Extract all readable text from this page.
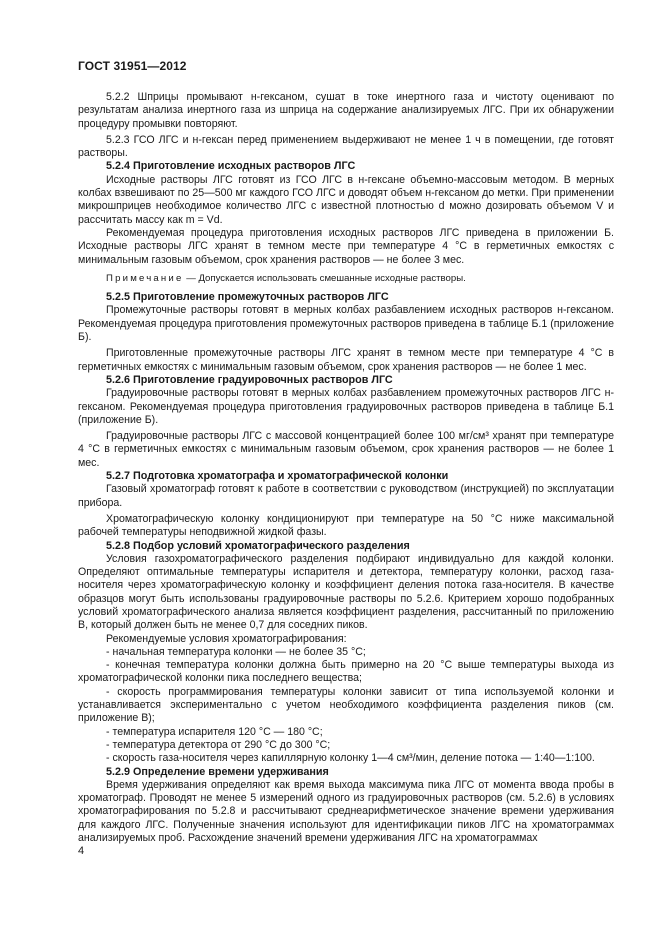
ГОСТ 31951—2012

5.2.2 Шприцы промывают н-гексаном, сушат в токе инертного газа и чистоту оценивают по результатам анализа инертного газа из шприца на содержание анализируемых ЛГС. При их обнаружении процедуру промывки повторяют.

5.2.3 ГСО ЛГС и н-гексан перед применением выдерживают не менее 1 ч в помещении, где готовят растворы.

5.2.4 Приготовление исходных растворов ЛГС

Исходные растворы ЛГС готовят из ГСО ЛГС в н-гексане объемно-массовым методом. В мерных колбах взвешивают по 25—500 мг каждого ГСО ЛГС и доводят объем н-гексаном до метки. При применении микрошприцев необходимое количество ЛГС с известной плотностью d можно дозировать объемом V и рассчитать массу как m = Vd.

Рекомендуемая процедура приготовления исходных растворов ЛГС приведена в приложении Б. Исходные растворы ЛГС хранят в темном месте при температуре 4 °С в герметичных емкостях с минимальным газовым объемом, срок хранения растворов — не более 3 мес.

Примечание — Допускается использовать смешанные исходные растворы.

5.2.5 Приготовление промежуточных растворов ЛГС

Промежуточные растворы готовят в мерных колбах разбавлением исходных растворов н-гексаном. Рекомендуемая процедура приготовления промежуточных растворов приведена в таблице Б.1 (приложение Б).

Приготовленные промежуточные растворы ЛГС хранят в темном месте при температуре 4 °С в герметичных емкостях с минимальным газовым объемом, срок хранения растворов — не более 1 мес.

5.2.6 Приготовление градуировочных растворов ЛГС

Градуировочные растворы готовят в мерных колбах разбавлением промежуточных растворов ЛГС н-гексаном. Рекомендуемая процедура приготовления градуировочных растворов приведена в таблице Б.1 (приложение Б).

Градуировочные растворы ЛГС с массовой концентрацией более 100 мг/см³ хранят при температуре 4 °С в герметичных емкостях с минимальным газовым объемом, срок хранения растворов — не более 1 мес.

5.2.7 Подготовка хроматографа и хроматографической колонки

Газовый хроматограф готовят к работе в соответствии с руководством (инструкцией) по эксплуатации прибора.

Хроматографическую колонку кондиционируют при температуре на 50 °С ниже максимальной рабочей температуры неподвижной жидкой фазы.

5.2.8 Подбор условий хроматографического разделения

Условия газохроматографического разделения подбирают индивидуально для каждой колонки. Определяют оптимальные температуры испарителя и детектора, температуру колонки, расход газа-носителя через хроматографическую колонку и коэффициент деления потока газа-носителя. В качестве образцов могут быть использованы градуировочные растворы по 5.2.6. Критерием хорошо подобранных условий хроматографического анализа является коэффициент разделения, рассчитанный по приложению В, который должен быть не менее 0,7 для соседних пиков.

Рекомендуемые условия хроматографирования:

- начальная температура колонки — не более 35 °С;

- конечная температура колонки должна быть примерно на 20 °С выше температуры выхода из хроматографической колонки пика последнего вещества;

- скорость программирования температуры колонки зависит от типа используемой колонки и устанавливается экспериментально с учетом необходимого коэффициента разделения пиков (см. приложение В);

- температура испарителя 120 °С — 180 °С;

- температура детектора от 290 °С до 300 °С;

- скорость газа-носителя через капиллярную колонку 1—4 см³/мин, деление потока — 1:40—1:100.

5.2.9 Определение времени удерживания

Время удерживания определяют как время выхода максимума пика ЛГС от момента ввода пробы в хроматограф. Проводят не менее 5 измерений одного из градуировочных растворов (см. 5.2.6) в условиях хроматографирования по 5.2.8 и рассчитывают среднеарифметическое значение времени удерживания для каждого ЛГС. Полученные значения используют для идентификации пиков ЛГС на хроматограммах анализируемых проб. Расхождение значений времени удерживания ЛГС на хроматограммах

4
